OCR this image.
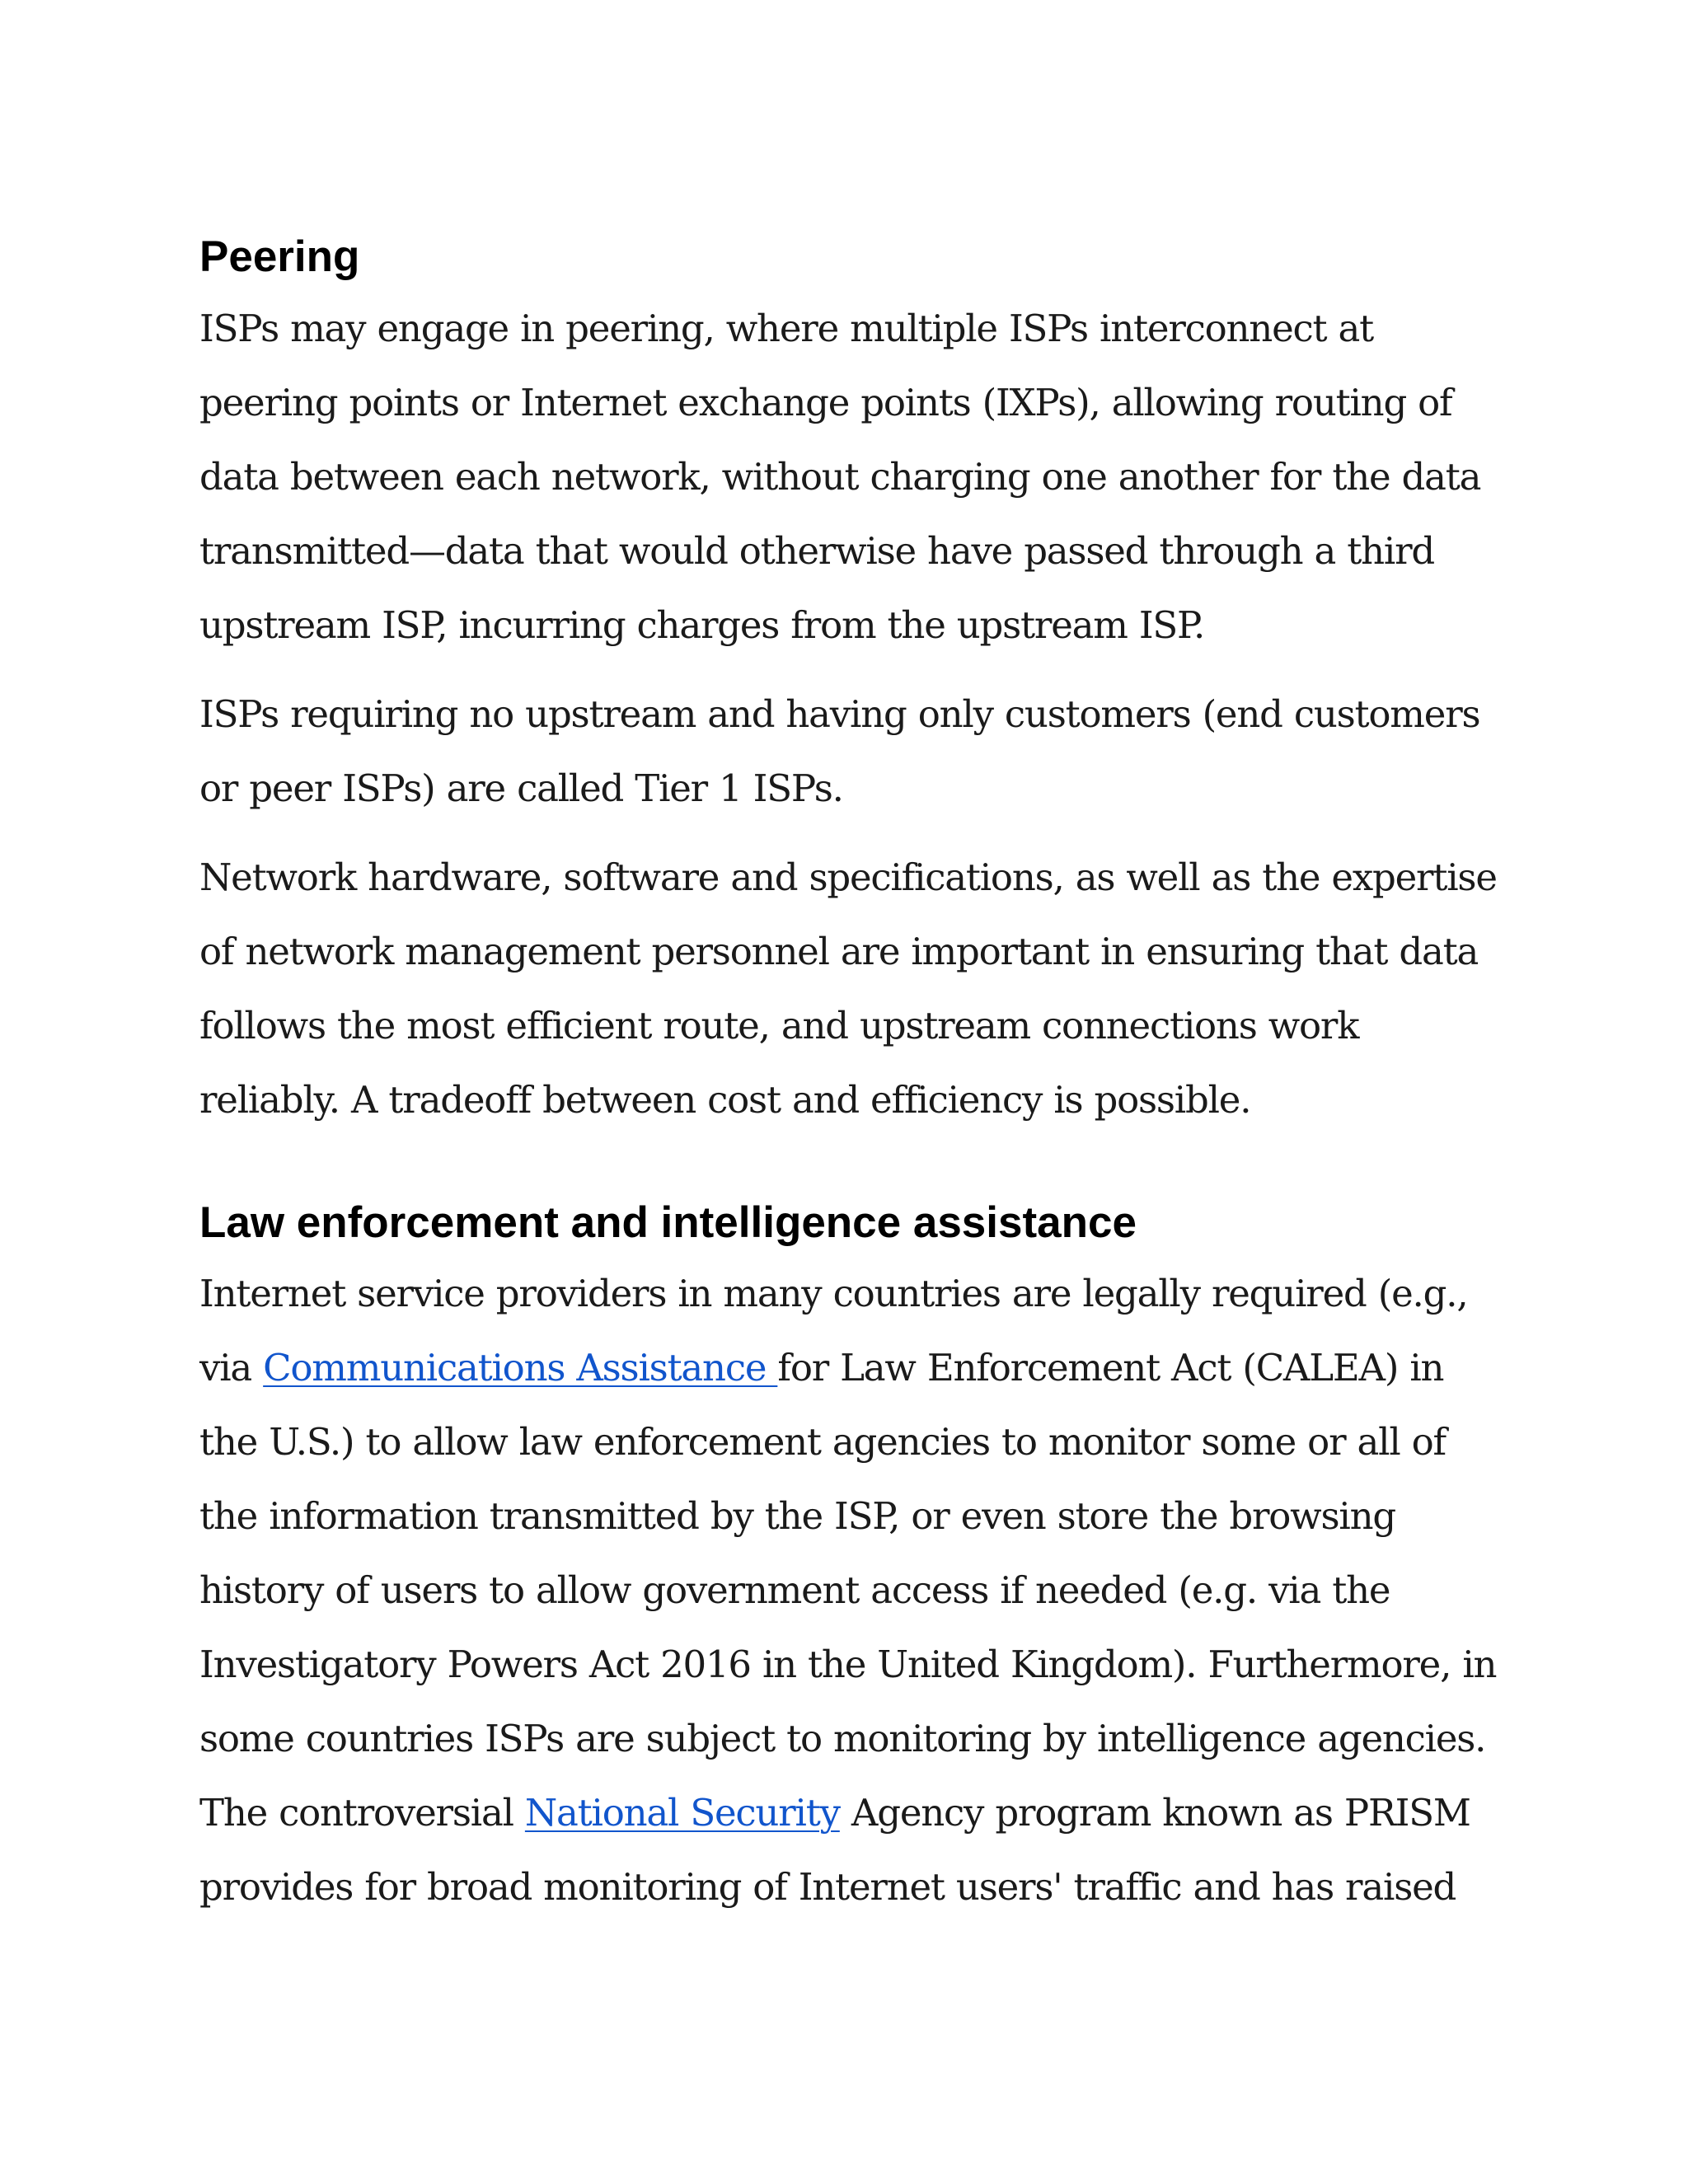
Peering

ISPs may engage in peering, where multiple ISPs interconnect at peering points or Internet exchange points (IXPs), allowing routing of data between each network, without charging one another for the data transmitted—data that would otherwise have passed through a third upstream ISP, incurring charges from the upstream ISP.

ISPs requiring no upstream and having only customers (end customers or peer ISPs) are called Tier 1 ISPs.

Network hardware, software and specifications, as well as the expertise of network management personnel are important in ensuring that data follows the most efficient route, and upstream connections work reliably. A tradeoff between cost and efficiency is possible.

Law enforcement and intelligence assistance

Internet service providers in many countries are legally required (e.g., via Communications Assistance for Law Enforcement Act (CALEA) in the U.S.) to allow law enforcement agencies to monitor some or all of the information transmitted by the ISP, or even store the browsing history of users to allow government access if needed (e.g. via the Investigatory Powers Act 2016 in the United Kingdom). Furthermore, in some countries ISPs are subject to monitoring by intelligence agencies. The controversial National Security Agency program known as PRISM provides for broad monitoring of Internet users' traffic and has raised
